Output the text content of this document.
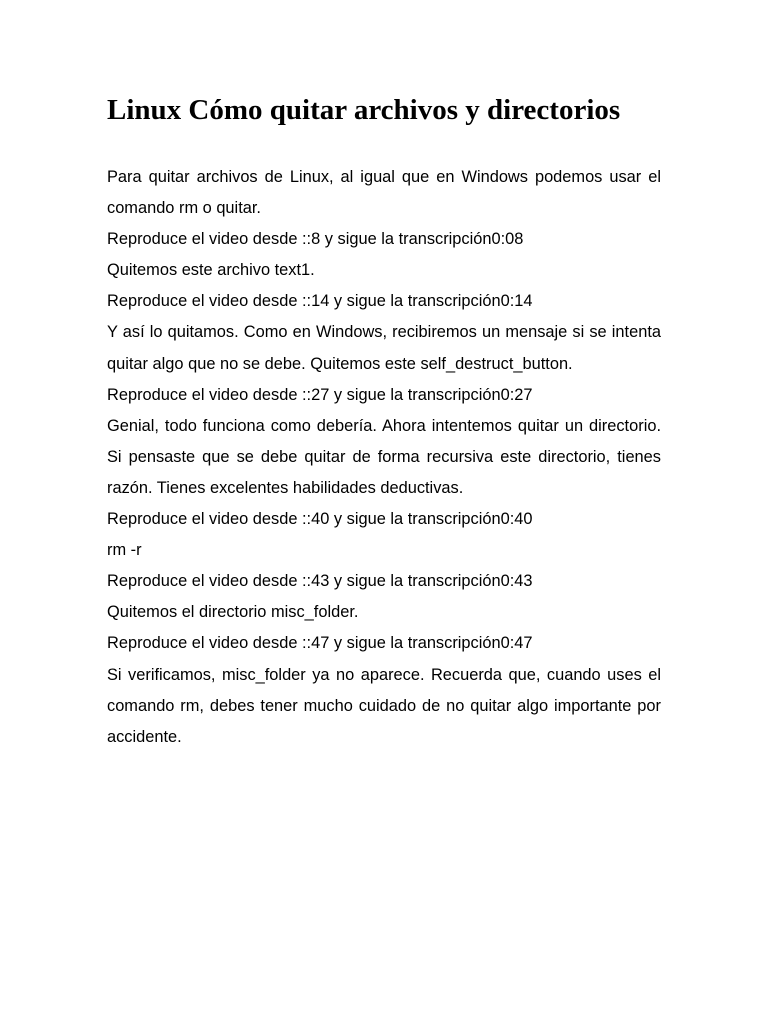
Linux Cómo quitar archivos y directorios

Para quitar archivos de Linux, al igual que en Windows podemos usar el comando rm o quitar.

Reproduce el video desde ::8 y sigue la transcripción0:08

Quitemos este archivo text1.

Reproduce el video desde ::14 y sigue la transcripción0:14

Y así lo quitamos. Como en Windows, recibiremos un mensaje si se intenta quitar algo que no se debe. Quitemos este self_destruct_button.

Reproduce el video desde ::27 y sigue la transcripción0:27

Genial, todo funciona como debería. Ahora intentemos quitar un directorio. Si pensaste que se debe quitar de forma recursiva este directorio, tienes razón. Tienes excelentes habilidades deductivas.

Reproduce el video desde ::40 y sigue la transcripción0:40

rm -r

Reproduce el video desde ::43 y sigue la transcripción0:43

Quitemos el directorio misc_folder.

Reproduce el video desde ::47 y sigue la transcripción0:47

Si verificamos, misc_folder ya no aparece. Recuerda que, cuando uses el comando rm, debes tener mucho cuidado de no quitar algo importante por accidente.
